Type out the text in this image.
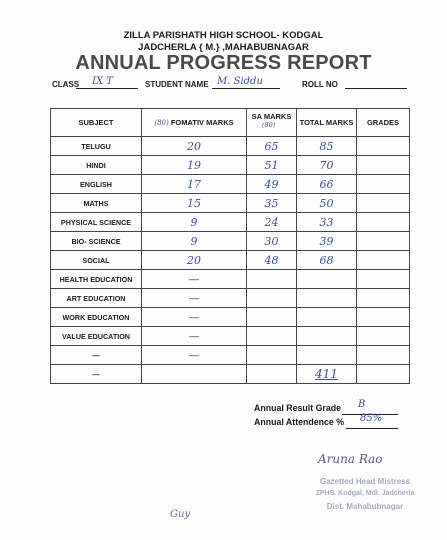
ZILLA PARISHATH HIGH SCHOOL- KODGAL
JADCHERLA { M.} ,MAHABUBNAGAR
ANNUAL PROGRESS REPORT
CLASS IX T	STUDENT NAME M. Siddu	ROLL NO
SUBJECT	(80) FOMATIV MARKS	SA MARKS	TOTAL MARKS	GRADES
TELUGU	20	65	85	
HINDI	19	51	70	
ENGLISH	17	49	66	
MATHS	15	35	50	
PHYSICAL SCIENCE	9	24	33	
BIO- SCIENCE	9	30	39	
SOCIAL	20	48	68	
HEALTH EDUCATION	—			
ART EDUCATION	—			
WORK EDUCATION	—			
VALUE EDUCATION	—			
—	—			
—			411	
(80)
Annual Result Grade B
Annual Attendence % 85%
Aruna Rao
Gazetted Head Mistress
ZPHS. Kodgal, Mdl. Jadcherla
Dist. Mahabubnagar
Guy
